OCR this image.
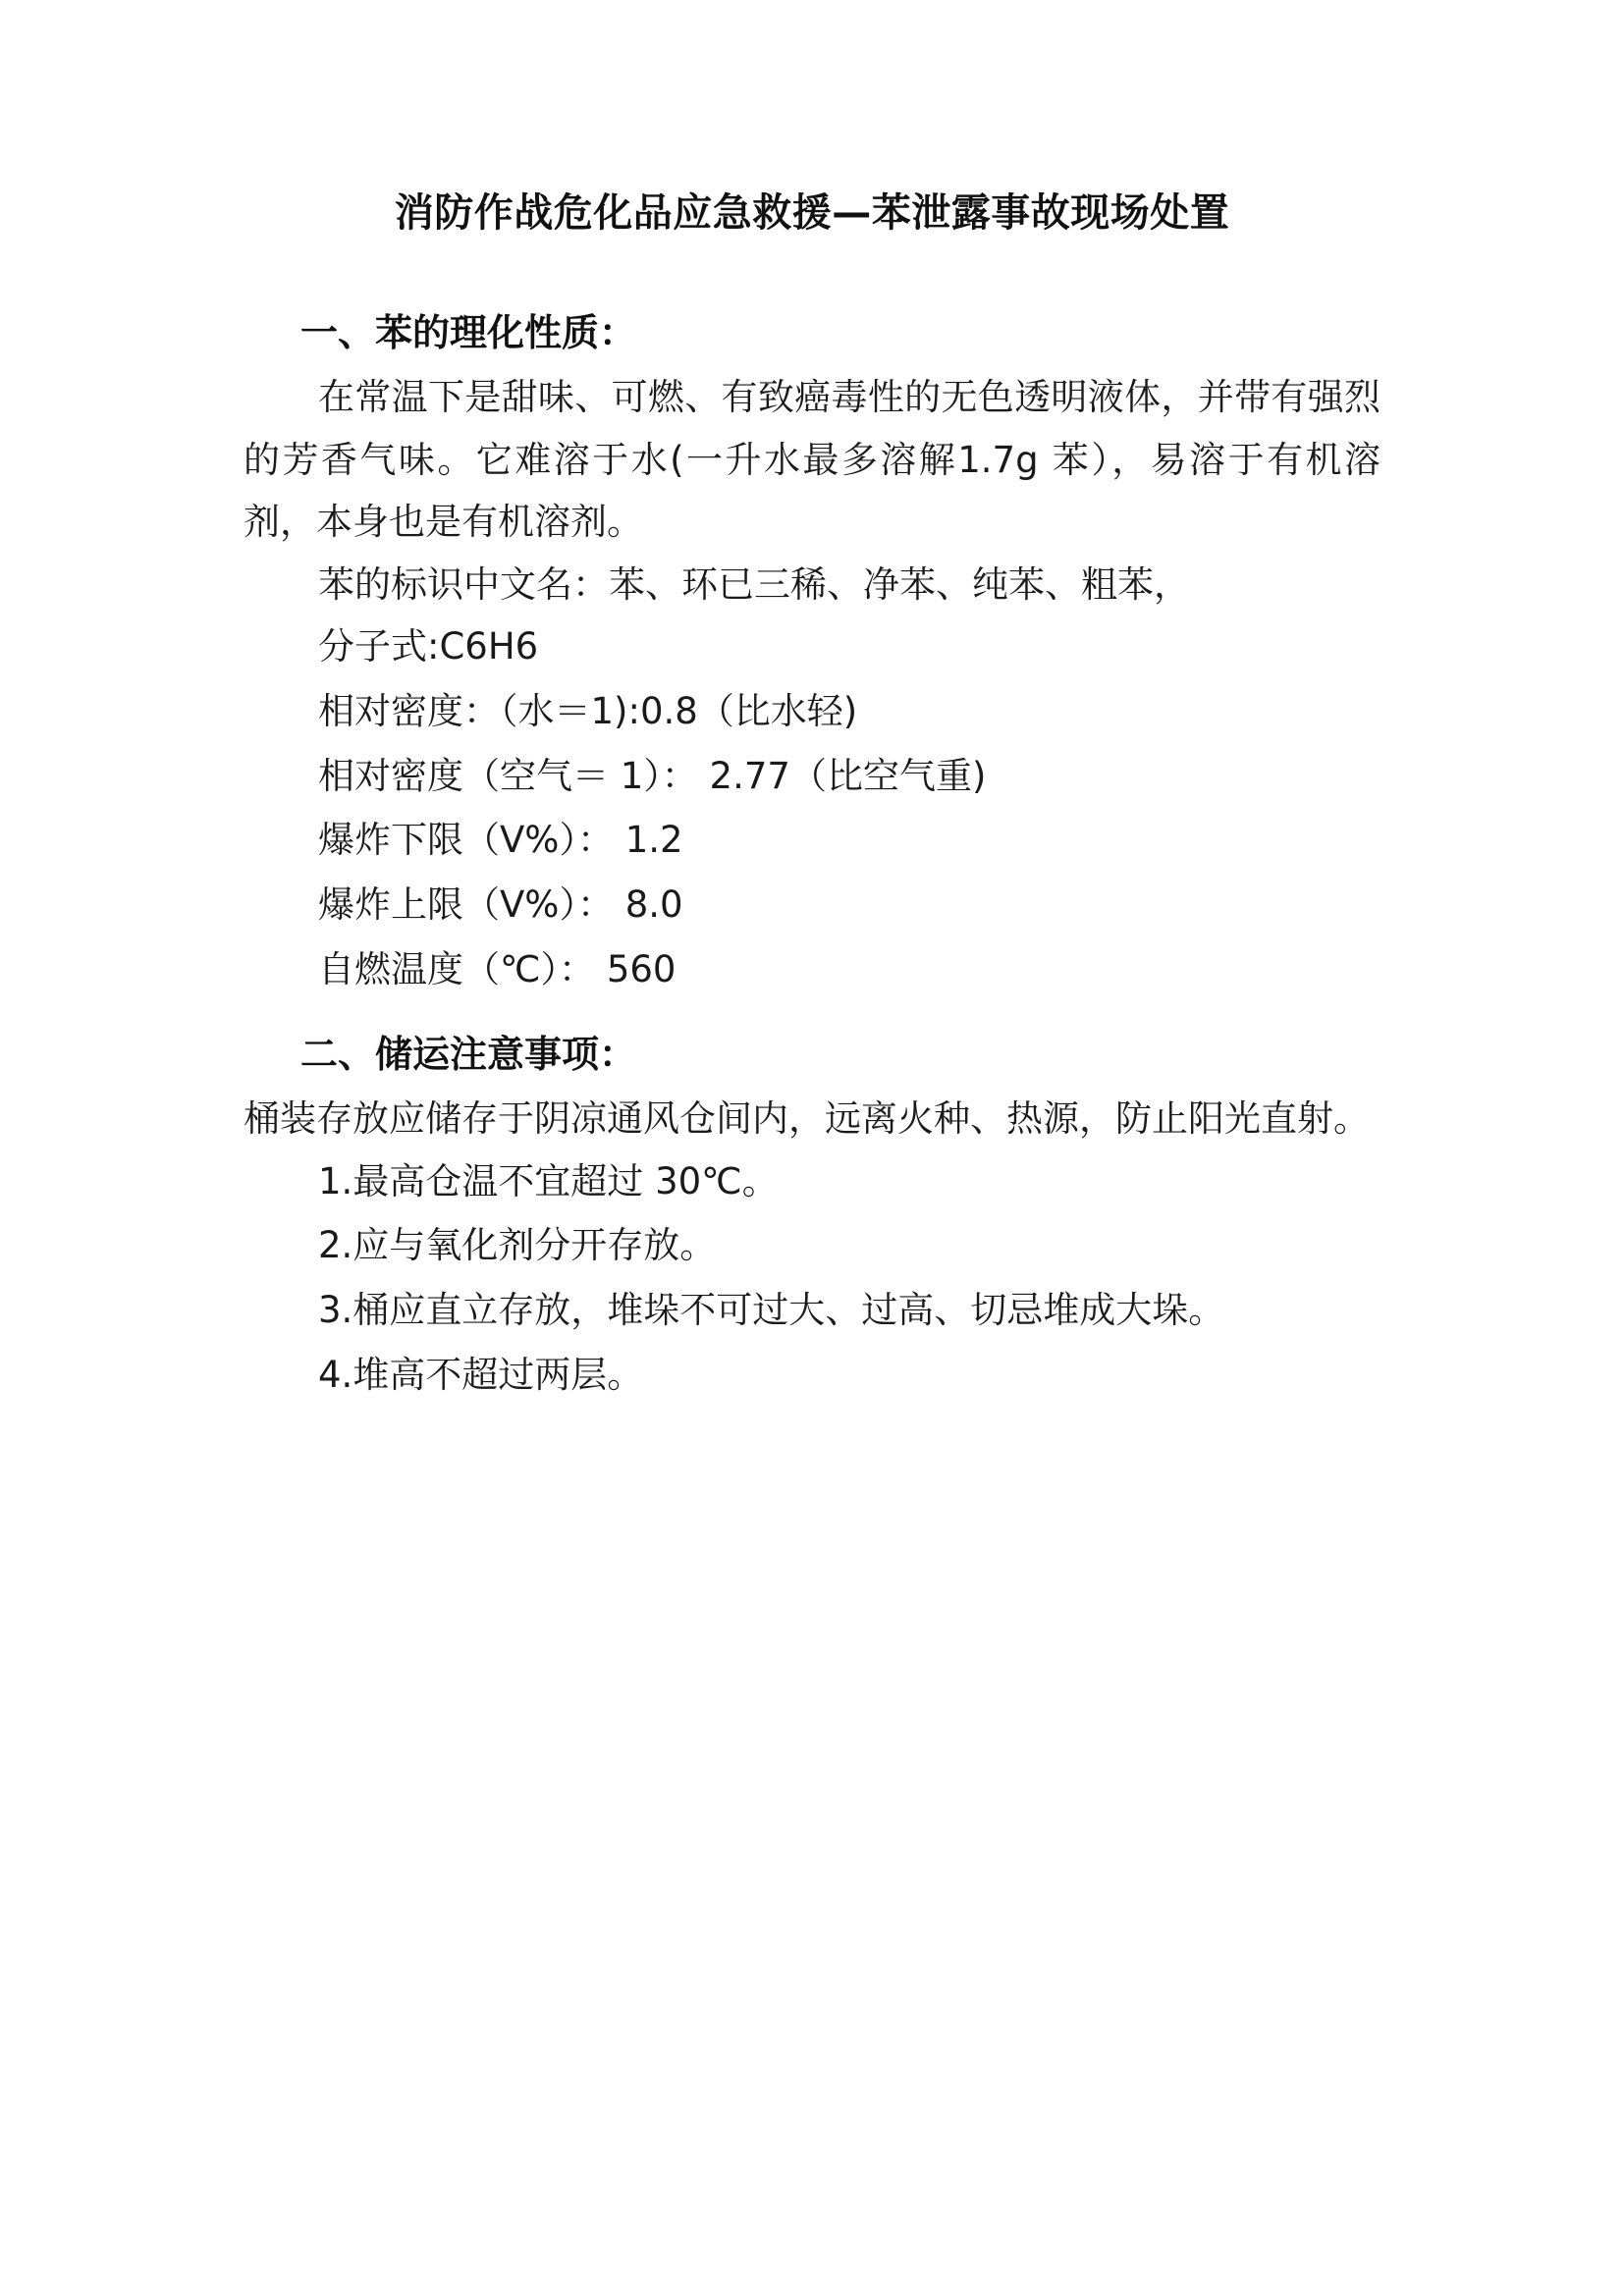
消防作战危化品应急救援—苯泄露事故现场处置
一、苯的理化性质：

在常温下是甜味、可燃、有致癌毒性的无色透明液体，并带有强烈的芳香气味。它难溶于水(一升水最多溶解1.7g 苯），易溶于有机溶剂，本身也是有机溶剂。

苯的标识中文名：苯、环已三稀、净苯、纯苯、粗苯，

分子式:C6H6

相对密度：（水＝1):0.8（比水轻)

相对密度（空气＝ 1）： 2.77（比空气重)

爆炸下限（V%）： 1.2

爆炸上限（V%）： 8.0

自燃温度（℃）： 560

二、储运注意事项：

桶装存放应储存于阴凉通风仓间内，远离火种、热源，防止阳光直射。

1.最高仓温不宜超过 30℃。

2.应与氧化剂分开存放。

3.桶应直立存放，堆垛不可过大、过高、切忌堆成大垛。

4.堆高不超过两层。
